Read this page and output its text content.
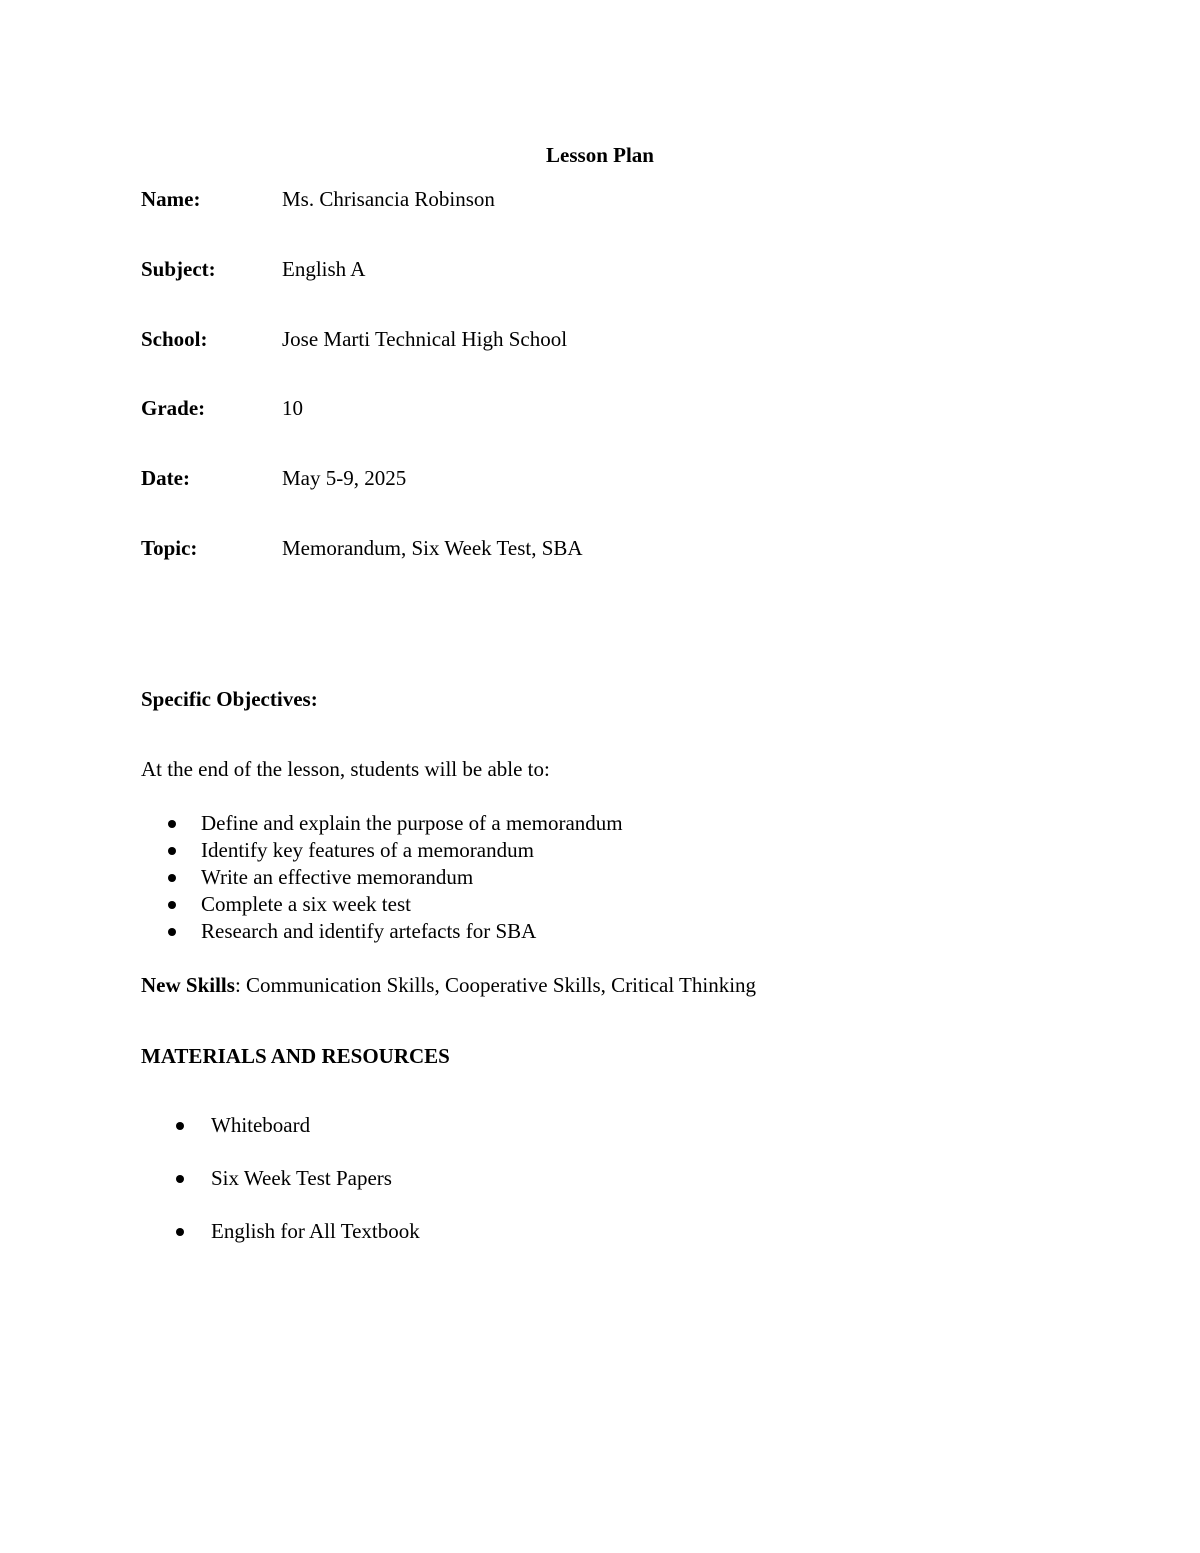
Lesson Plan
Name:	Ms. Chrisancia Robinson
Subject:	English A
School:	Jose Marti Technical High School
Grade:	10
Date:	May 5-9, 2025
Topic:	Memorandum, Six Week Test, SBA
Specific Objectives:
At the end of the lesson, students will be able to:
Define and explain the purpose of a memorandum
Identify key features of a memorandum
Write an effective memorandum
Complete a six week test
Research and identify artefacts for SBA
New Skills: Communication Skills, Cooperative Skills, Critical Thinking
MATERIALS AND RESOURCES
Whiteboard
Six Week Test Papers
English for All Textbook
